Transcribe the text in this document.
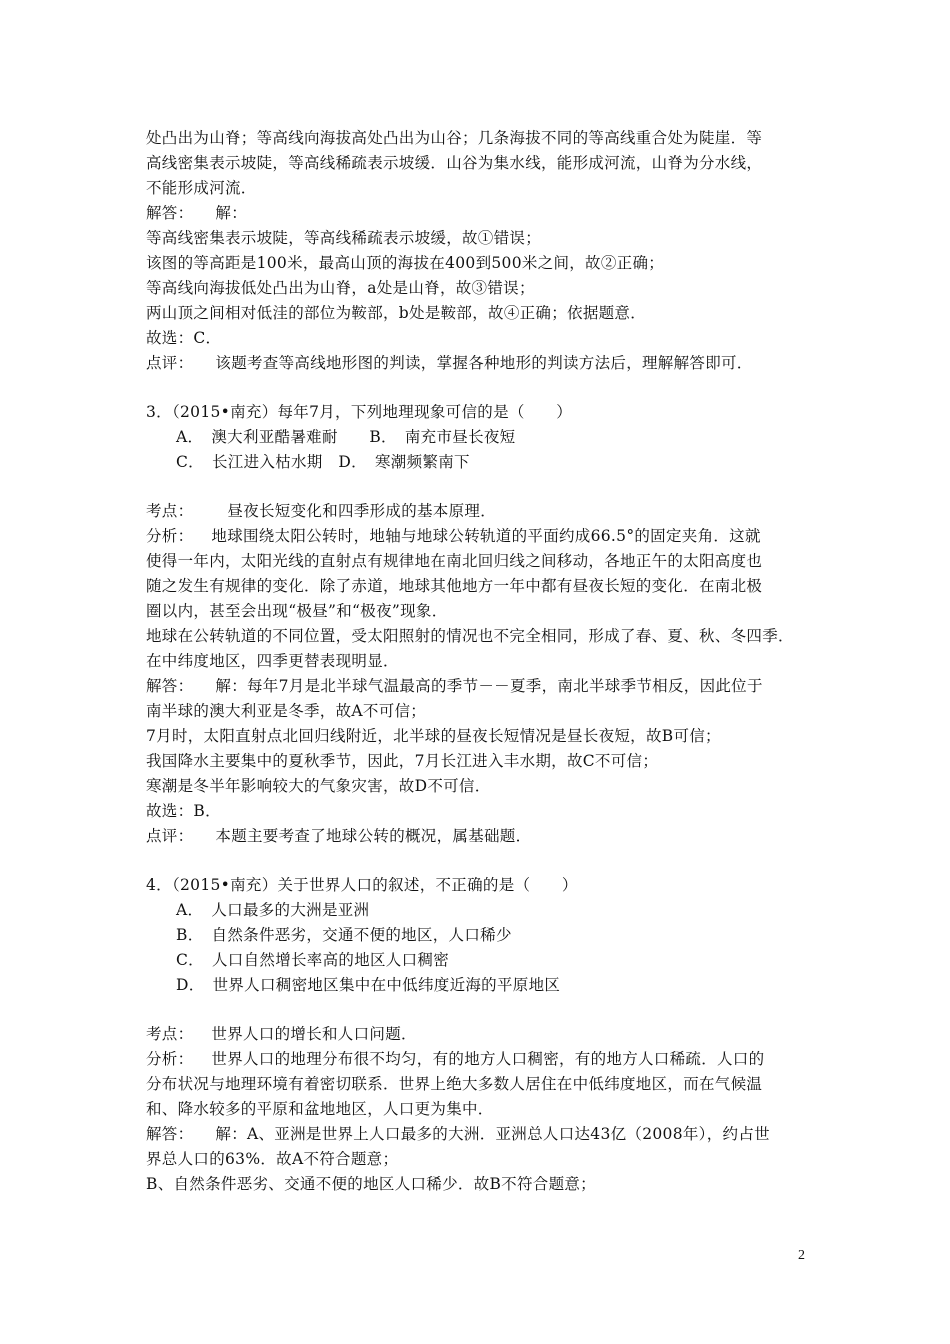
处凸出为山脊；等高线向海拔高处凸出为山谷；几条海拔不同的等高线重合处为陡崖．等
高线密集表示坡陡，等高线稀疏表示坡缓．山谷为集水线，能形成河流，山脊为分水线，
不能形成河流．
解答： 解：
等高线密集表示坡陡，等高线稀疏表示坡缓，故①错误；
该图的等高距是100米，最高山顶的海拔在400到500米之间，故②正确；
等高线向海拔低处凸出为山脊，a处是山脊，故③错误；
两山顶之间相对低洼的部位为鞍部，b处是鞍部，故④正确；依据题意．
故选：C．
点评： 该题考查等高线地形图的判读，掌握各种地形的判读方法后，理解解答即可．
3．（2015•南充）每年7月，下列地理现象可信的是（　　）
A．　澳大利亚酷暑难耐　　B．　南充市昼长夜短
C．　长江进入枯水期　D．　寒潮频繁南下
考点： 昼夜长短变化和四季形成的基本原理．
分析： 地球围绕太阳公转时，地轴与地球公转轨道的平面约成66.5°的固定夹角．这就
使得一年内，太阳光线的直射点有规律地在南北回归线之间移动，各地正午的太阳高度也
随之发生有规律的变化．除了赤道，地球其他地方一年中都有昼夜长短的变化．在南北极
圈以内，甚至会出现“极昼”和“极夜”现象．
地球在公转轨道的不同位置，受太阳照射的情况也不完全相同，形成了春、夏、秋、冬四季．
在中纬度地区，四季更替表现明显．
解答： 解：每年7月是北半球气温最高的季节－－夏季，南北半球季节相反，因此位于
南半球的澳大利亚是冬季，故A不可信；
7月时，太阳直射点北回归线附近，北半球的昼夜长短情况是昼长夜短，故B可信；
我国降水主要集中的夏秋季节，因此，7月长江进入丰水期，故C不可信；
寒潮是冬半年影响较大的气象灾害，故D不可信．
故选：B．
点评： 本题主要考查了地球公转的概况，属基础题．
4．（2015•南充）关于世界人口的叙述，不正确的是（　　）
A．　人口最多的大洲是亚洲
B．　自然条件恶劣，交通不便的地区，人口稀少
C．　人口自然增长率高的地区人口稠密
D．　世界人口稠密地区集中在中低纬度近海的平原地区
考点： 世界人口的增长和人口问题．
分析： 世界人口的地理分布很不均匀，有的地方人口稠密，有的地方人口稀疏．人口的
分布状况与地理环境有着密切联系．世界上绝大多数人居住在中低纬度地区，而在气候温
和、降水较多的平原和盆地地区，人口更为集中．
解答： 解：A、亚洲是世界上人口最多的大洲．亚洲总人口达43亿（2008年），约占世
界总人口的63%．故A不符合题意；
B、自然条件恶劣、交通不便的地区人口稀少．故B不符合题意；
2
